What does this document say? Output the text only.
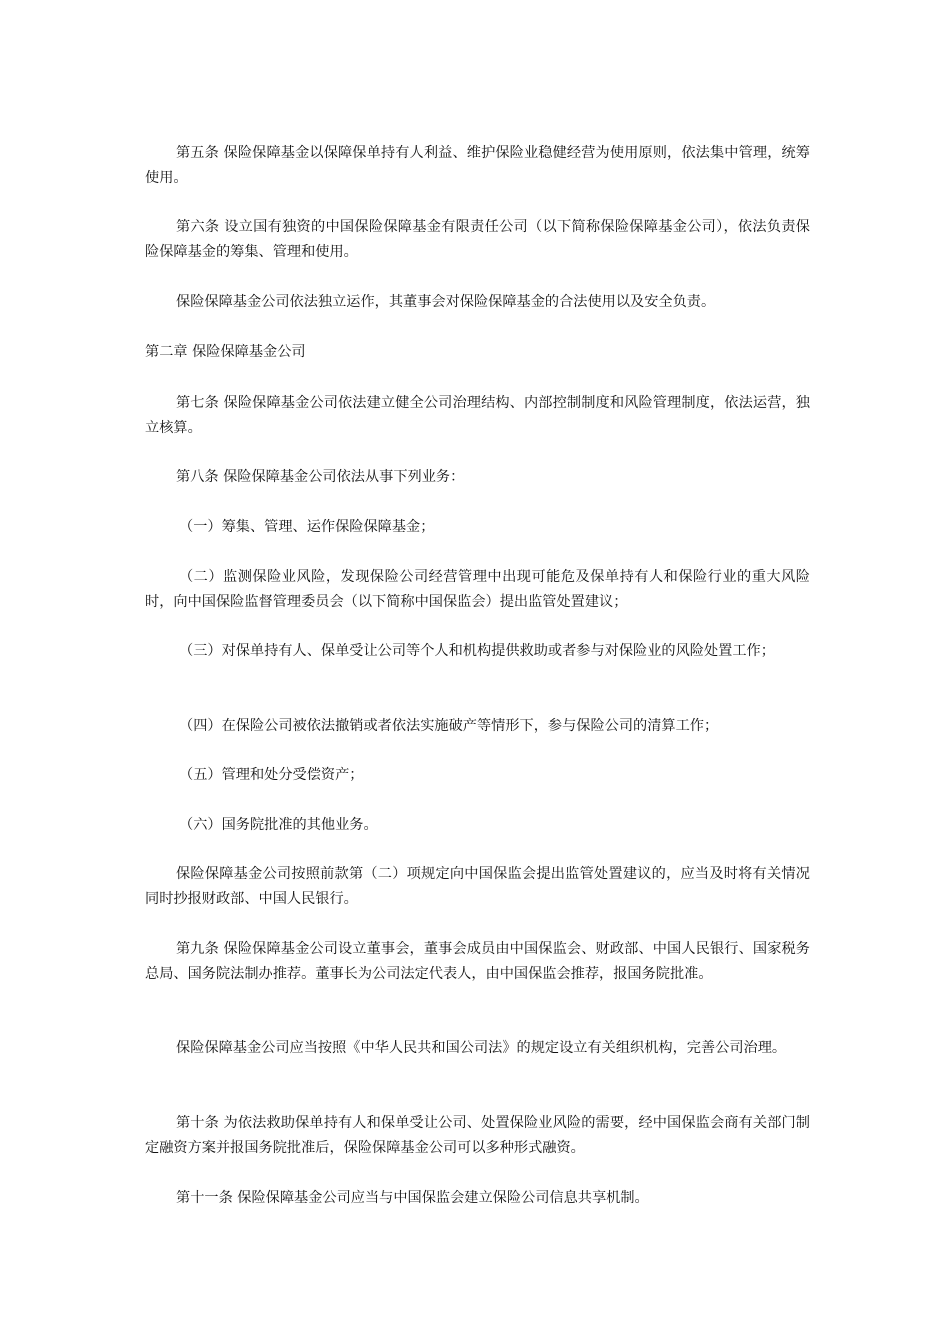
第五条 保险保障基金以保障保单持有人利益、维护保险业稳健经营为使用原则，依法集中管理，统筹使用。

第六条 设立国有独资的中国保险保障基金有限责任公司（以下简称保险保障基金公司），依法负责保险保障基金的筹集、管理和使用。

保险保障基金公司依法独立运作，其董事会对保险保障基金的合法使用以及安全负责。

第二章 保险保障基金公司

第七条 保险保障基金公司依法建立健全公司治理结构、内部控制制度和风险管理制度，依法运营，独立核算。

第八条 保险保障基金公司依法从事下列业务：

（一）筹集、管理、运作保险保障基金；

（二）监测保险业风险，发现保险公司经营管理中出现可能危及保单持有人和保险行业的重大风险时，向中国保险监督管理委员会（以下简称中国保监会）提出监管处置建议；

（三）对保单持有人、保单受让公司等个人和机构提供救助或者参与对保险业的风险处置工作；

（四）在保险公司被依法撤销或者依法实施破产等情形下，参与保险公司的清算工作；

（五）管理和处分受偿资产；

（六）国务院批准的其他业务。

保险保障基金公司按照前款第（二）项规定向中国保监会提出监管处置建议的，应当及时将有关情况同时抄报财政部、中国人民银行。

第九条 保险保障基金公司设立董事会，董事会成员由中国保监会、财政部、中国人民银行、国家税务总局、国务院法制办推荐。董事长为公司法定代表人，由中国保监会推荐，报国务院批准。

保险保障基金公司应当按照《中华人民共和国公司法》的规定设立有关组织机构，完善公司治理。

第十条 为依法救助保单持有人和保单受让公司、处置保险业风险的需要，经中国保监会商有关部门制定融资方案并报国务院批准后，保险保障基金公司可以多种形式融资。

第十一条 保险保障基金公司应当与中国保监会建立保险公司信息共享机制。
